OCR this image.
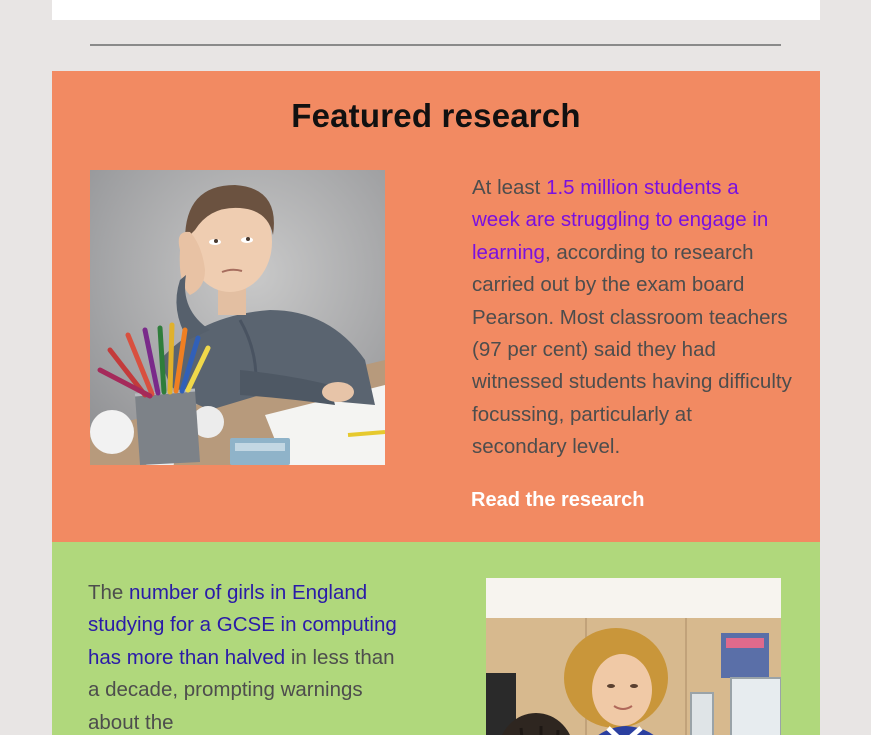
Featured research

At least 1.5 million students a week are struggling to engage in learning, according to research carried out by the exam board Pearson. Most classroom teachers (97 per cent) said they had witnessed students having difficulty focussing, particularly at secondary level.

Read the research

The number of girls in England studying for a GCSE in computing has more than halved in less than a decade, prompting warnings about the
